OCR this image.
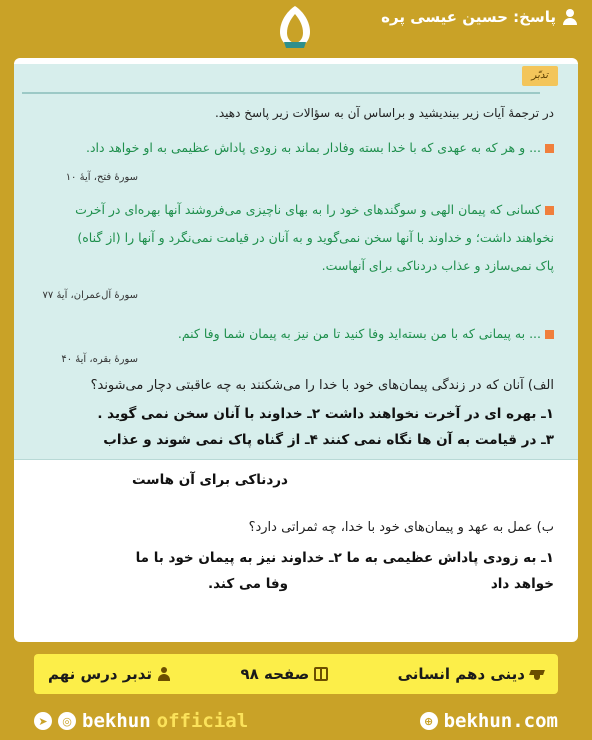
پاسخ: حسین عیسی پره
تدبّر
در ترجمهٔ آیات زیر بیندیشید و براساس آن به سؤالات زیر پاسخ دهید.
... و هر که به عهدی که با خدا بسته وفادار بماند به زودی پاداش عظیمی به او خواهد داد.
سورهٔ فتح، آیهٔ ۱۰
کسانی که پیمان الهی و سوگندهای خود را به بهای ناچیزی می‌فروشند آنها بهره‌ای در آخرت
نخواهند داشت؛ و خداوند با آنها سخن نمی‌گوید و به آنان در قیامت نمی‌نگرد و آنها را (از گناه)
پاک نمی‌سازد و عذاب دردناکی برای آنهاست.
سورهٔ آل‌عمران، آیهٔ ۷۷
... به پیمانی که با من بسته‌اید وفا کنید تا من نیز به پیمان شما وفا کنم.
سورهٔ بقره، آیهٔ ۴۰
الف) آنان که در زندگی پیمان‌های خود با خدا را می‌شکنند به چه عاقبتی دچار می‌شوند؟
۱ـ بهره ای در آخرت نخواهند داشت ۲ـ خداوند با آنان سخن نمی گوید .
۳ـ در قیامت به آن ها نگاه نمی کنند ۴ـ از گناه پاک نمی شوند و عذاب
دردناکی برای آن هاست
ب) عمل به عهد و پیمان‌های خود با خدا، چه ثمراتی دارد؟
۱ـ به زودی پاداش عظیمی به ما ۲ـ خداوند نیز به پیمان خود با ما
خواهد داد
وفا می کند.
تدبر درس نهم	صفحه ۹۸	دینی دهم انسانی
➤	◎ bekhun official	⊕ bekhun.com
